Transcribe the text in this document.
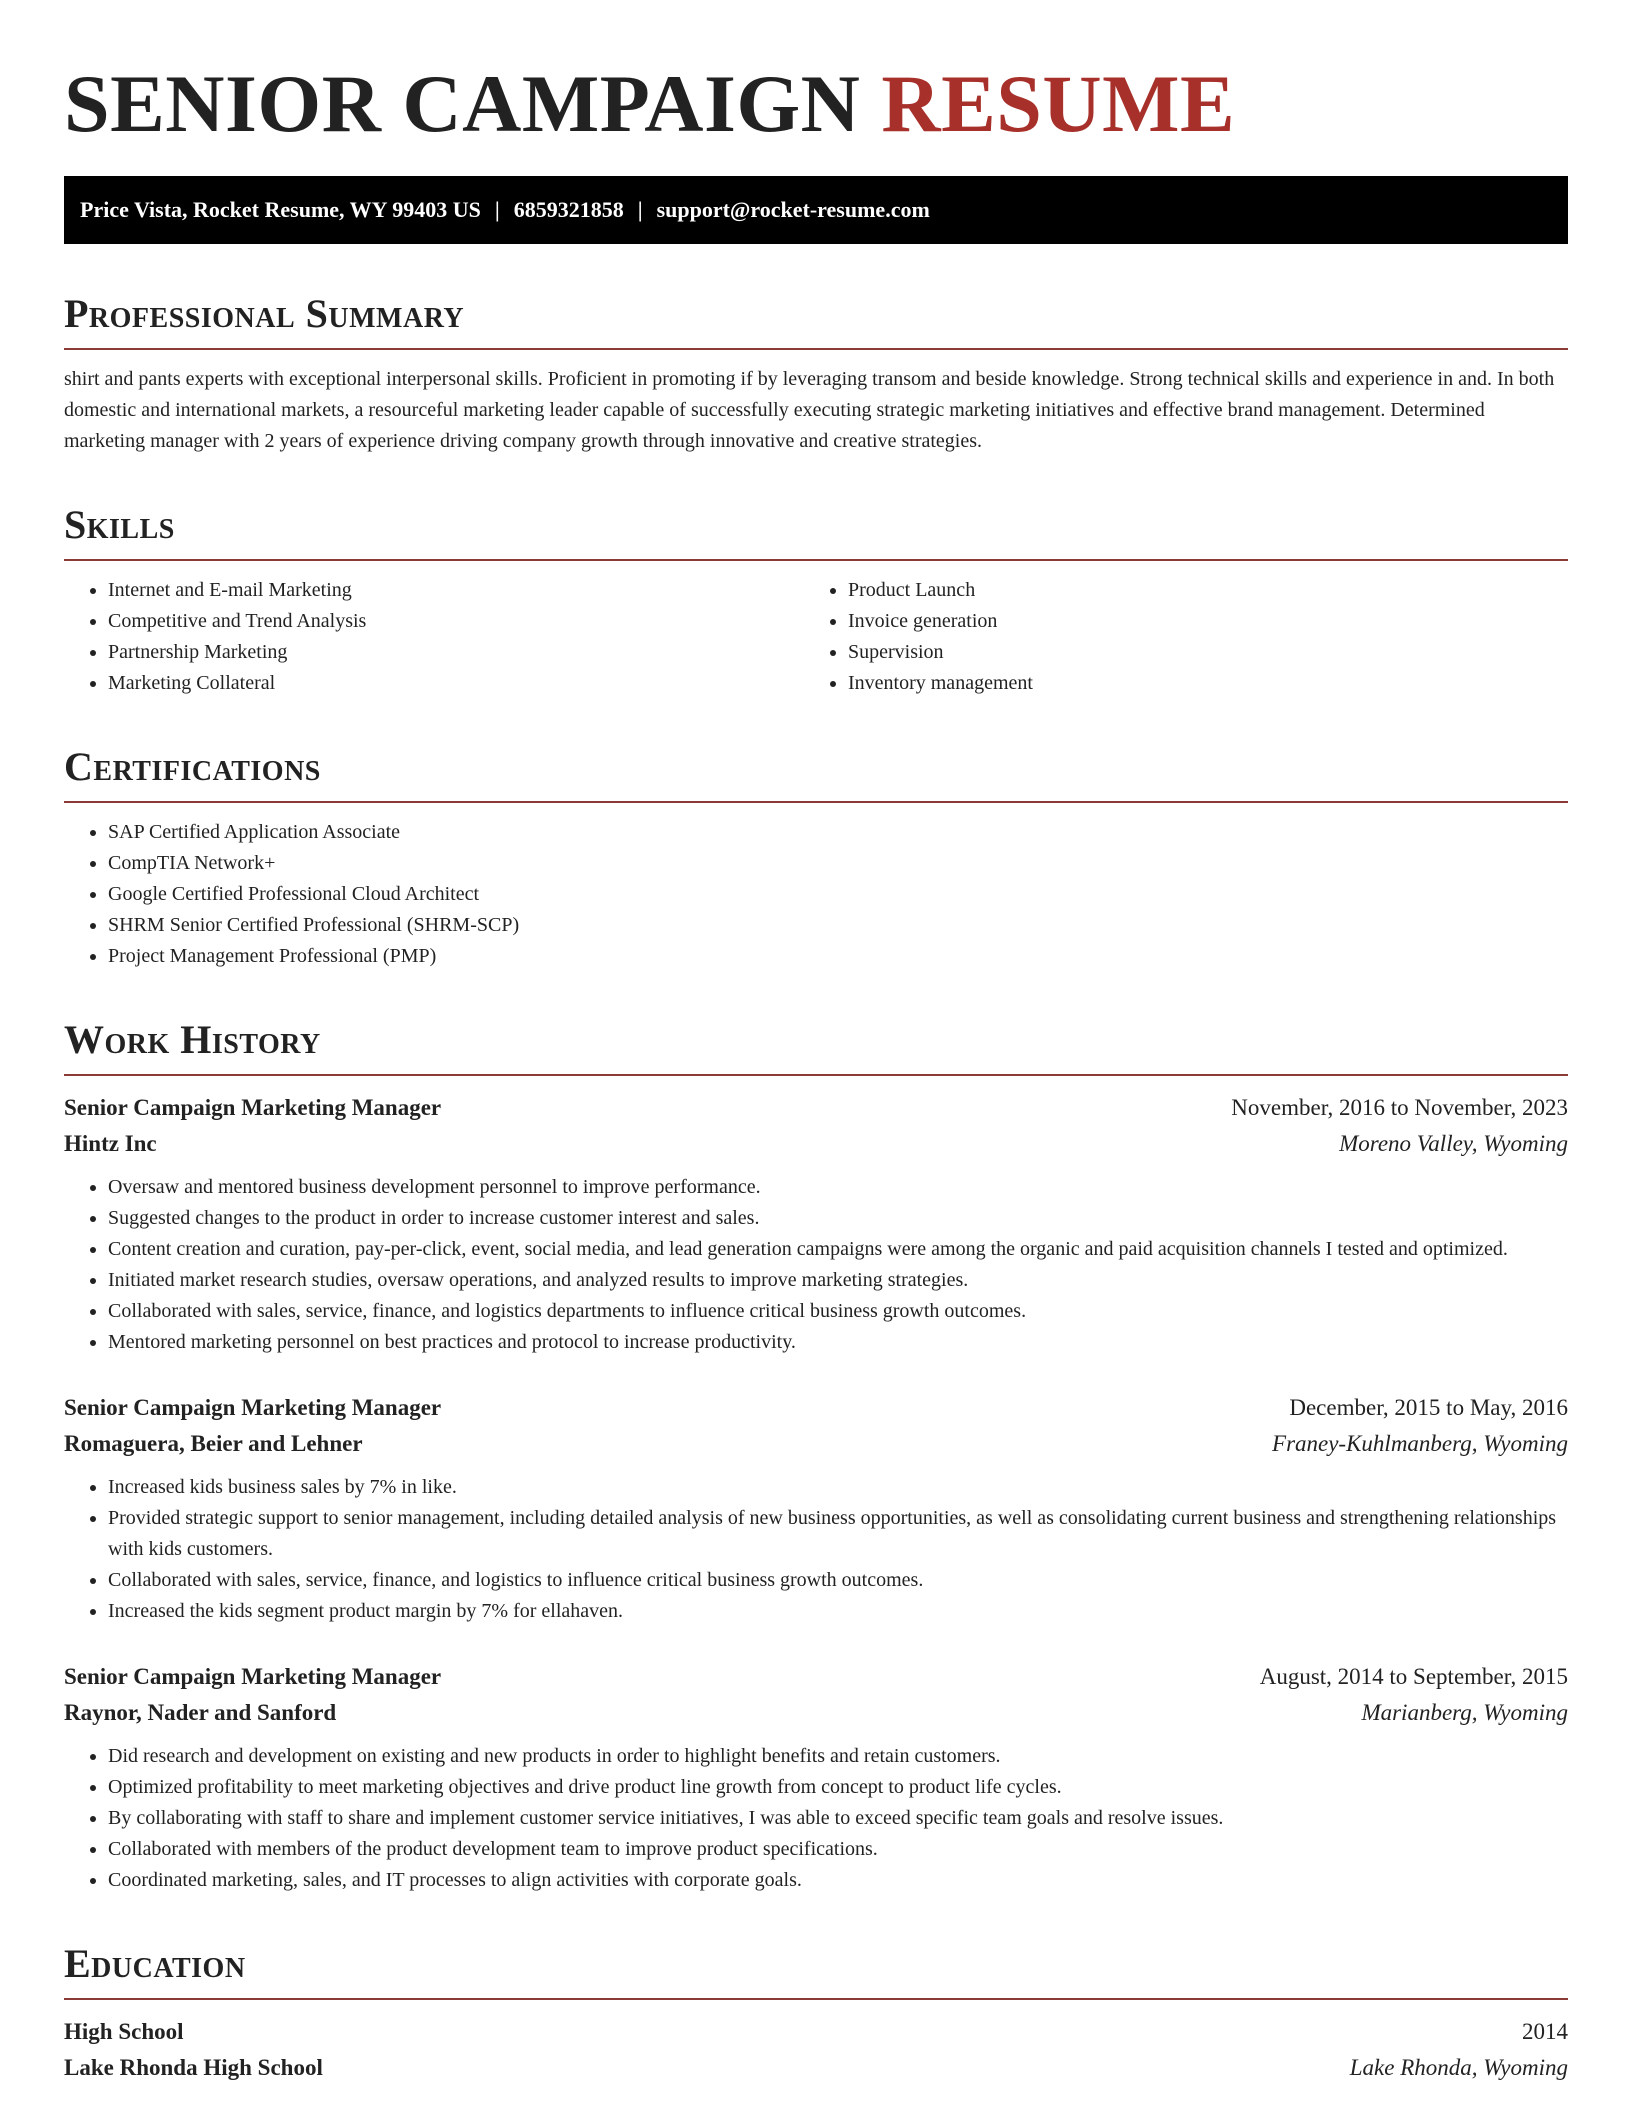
SENIOR CAMPAIGN RESUME
Price Vista, Rocket Resume, WY 99403 US | 6859321858 | support@rocket-resume.com
Professional Summary

shirt and pants experts with exceptional interpersonal skills. Proficient in promoting if by leveraging transom and beside knowledge. Strong technical skills and experience in and. In both domestic and international markets, a resourceful marketing leader capable of successfully executing strategic marketing initiatives and effective brand management. Determined marketing manager with 2 years of experience driving company growth through innovative and creative strategies.

Skills
• Internet and E-mail Marketing
• Competitive and Trend Analysis
• Partnership Marketing
• Marketing Collateral
• Product Launch
• Invoice generation
• Supervision
• Inventory management
Certifications
• SAP Certified Application Associate
• CompTIA Network+
• Google Certified Professional Cloud Architect
• SHRM Senior Certified Professional (SHRM-SCP)
• Project Management Professional (PMP)
Work History
Senior Campaign Marketing Manager	November, 2016 to November, 2023
Hintz Inc	Moreno Valley, Wyoming
• Oversaw and mentored business development personnel to improve performance.
• Suggested changes to the product in order to increase customer interest and sales.
• Content creation and curation, pay-per-click, event, social media, and lead generation campaigns were among the organic and paid acquisition channels I tested and optimized.
• Initiated market research studies, oversaw operations, and analyzed results to improve marketing strategies.
• Collaborated with sales, service, finance, and logistics departments to influence critical business growth outcomes.
• Mentored marketing personnel on best practices and protocol to increase productivity.
Senior Campaign Marketing Manager	December, 2015 to May, 2016
Romaguera, Beier and Lehner	Franey-Kuhlmanberg, Wyoming
• Increased kids business sales by 7% in like.
• Provided strategic support to senior management, including detailed analysis of new business opportunities, as well as consolidating current business and strengthening relationships with kids customers.
• Collaborated with sales, service, finance, and logistics to influence critical business growth outcomes.
• Increased the kids segment product margin by 7% for ellahaven.
Senior Campaign Marketing Manager	August, 2014 to September, 2015
Raynor, Nader and Sanford	Marianberg, Wyoming
• Did research and development on existing and new products in order to highlight benefits and retain customers.
• Optimized profitability to meet marketing objectives and drive product line growth from concept to product life cycles.
• By collaborating with staff to share and implement customer service initiatives, I was able to exceed specific team goals and resolve issues.
• Collaborated with members of the product development team to improve product specifications.
• Coordinated marketing, sales, and IT processes to align activities with corporate goals.
Education
High School	2014
Lake Rhonda High School	Lake Rhonda, Wyoming
